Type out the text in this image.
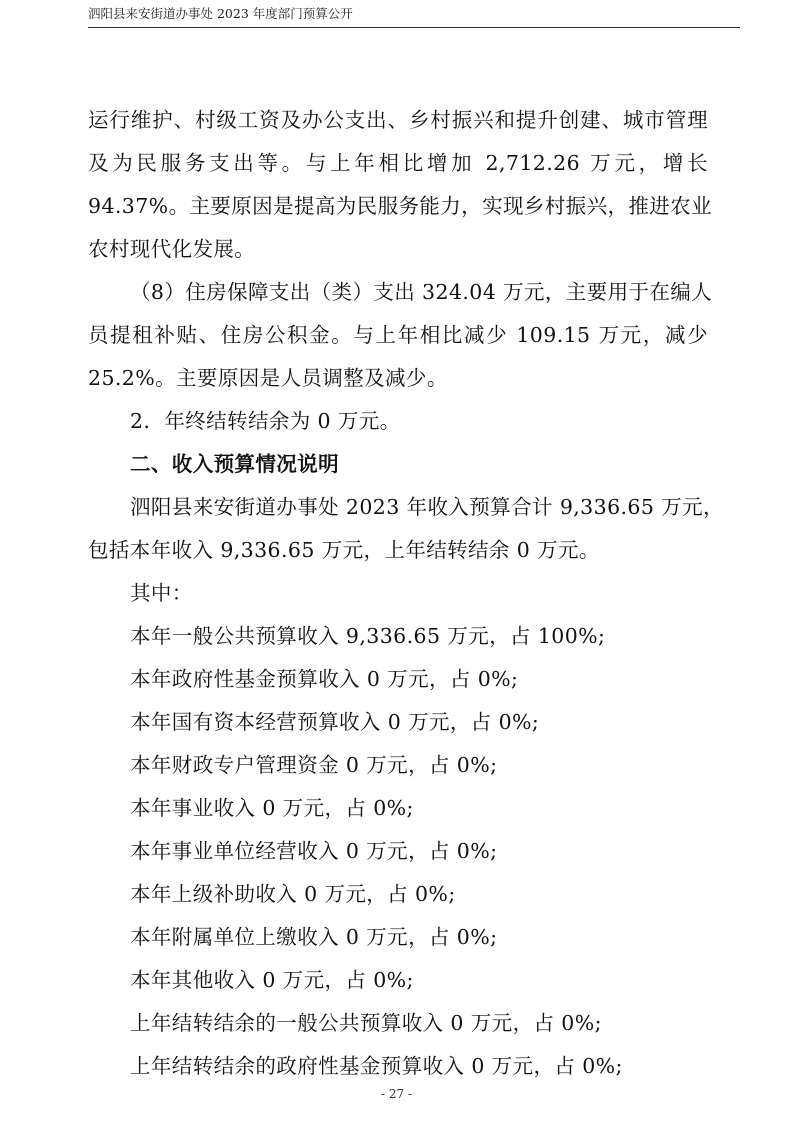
泗阳县来安街道办事处 2023 年度部门预算公开
运行维护、村级工资及办公支出、乡村振兴和提升创建、城市管理
及为民服务支出等。与上年相比增加 2,712.26 万元，增长
94.37%。主要原因是提高为民服务能力，实现乡村振兴，推进农业
农村现代化发展。
（8）住房保障支出（类）支出 324.04 万元，主要用于在编人
员提租补贴、住房公积金。与上年相比减少 109.15 万元，减少
25.2%。主要原因是人员调整及减少。
2．年终结转结余为 0 万元。
二、收入预算情况说明
泗阳县来安街道办事处 2023 年收入预算合计 9,336.65 万元，
包括本年收入 9,336.65 万元，上年结转结余 0 万元。
其中：
本年一般公共预算收入 9,336.65 万元，占 100%;
本年政府性基金预算收入 0 万元，占 0%;
本年国有资本经营预算收入 0 万元，占 0%;
本年财政专户管理资金 0 万元，占 0%;
本年事业收入 0 万元，占 0%;
本年事业单位经营收入 0 万元，占 0%;
本年上级补助收入 0 万元，占 0%;
本年附属单位上缴收入 0 万元，占 0%;
本年其他收入 0 万元，占 0%;
上年结转结余的一般公共预算收入 0 万元，占 0%;
上年结转结余的政府性基金预算收入 0 万元，占 0%;
- 27 -
